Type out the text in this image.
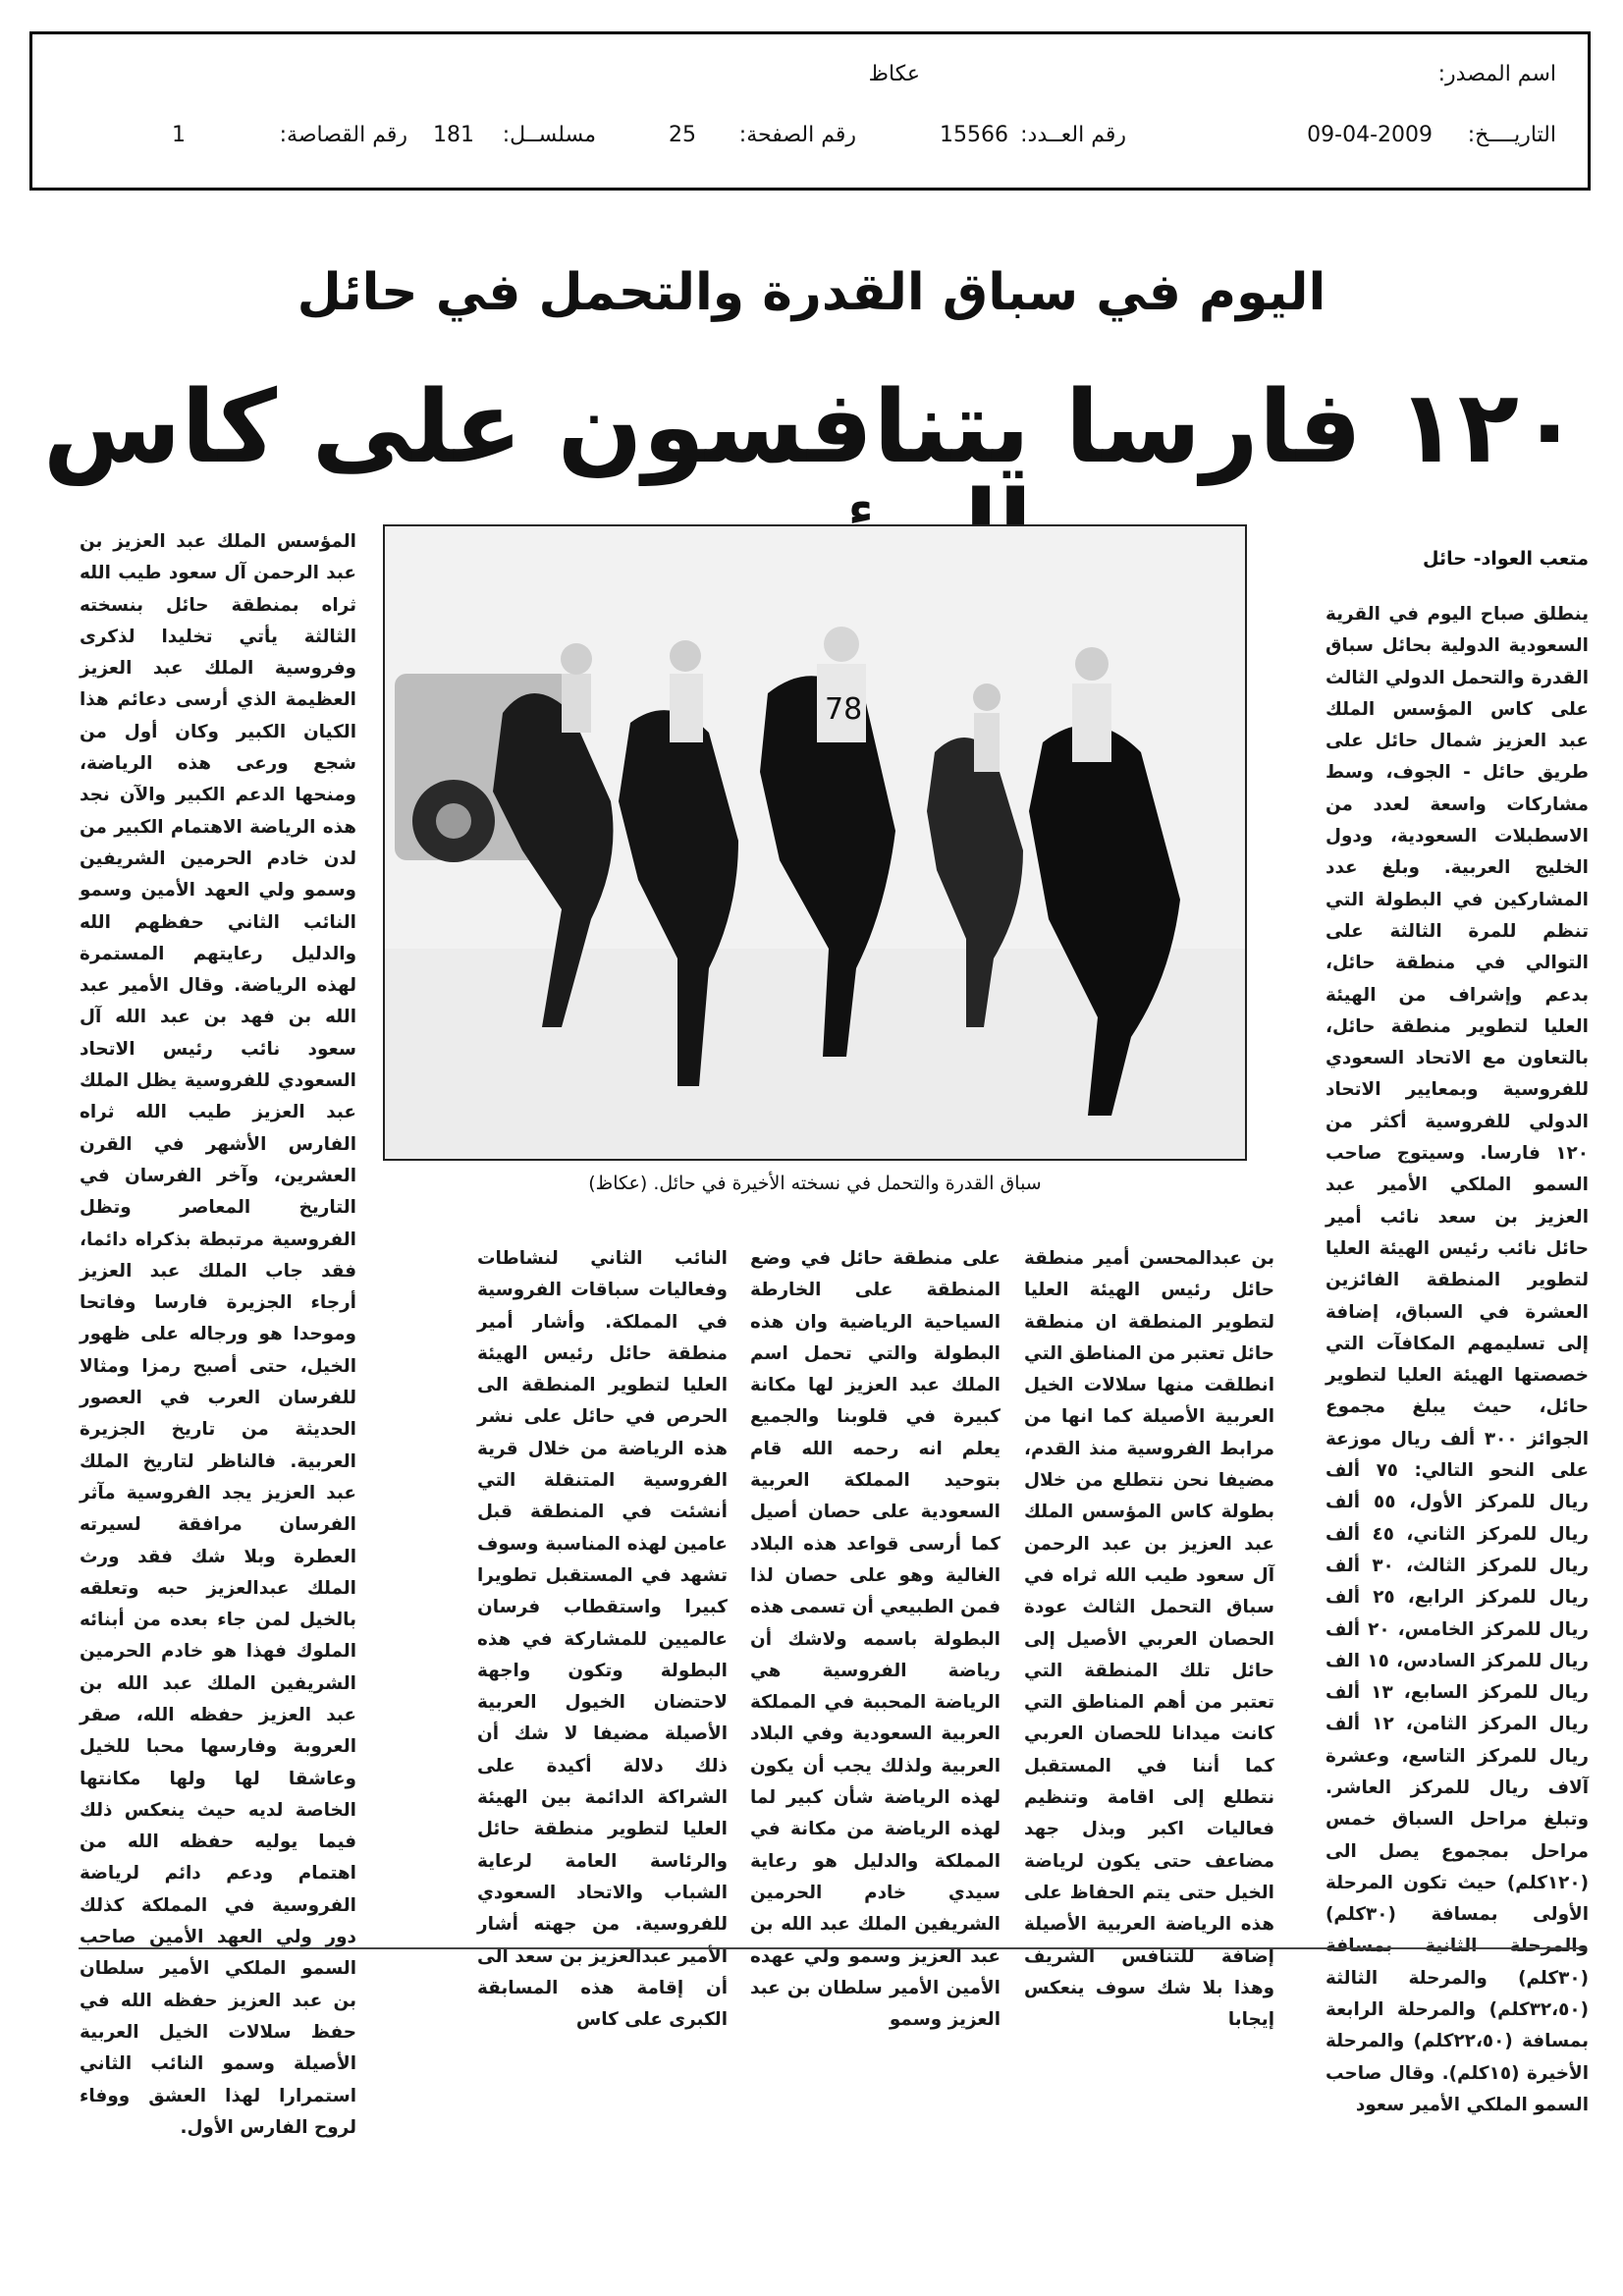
اسم المصدر:
عكاظ
التاريــــخ:
09-04-2009
رقم العــدد:
15566
رقم الصفحة:
25
مسلســل:
181
رقم القصاصة:
1
اليوم في سباق القدرة والتحمل في حائل
١٢٠ فارسا يتنافسون على كاس
متعب العواد- حائل
78
سباق القدرة والتحمل في نسخته الأخيرة في حائل. (عكاظ)

ينطلق صباح اليوم في القرية السعودية الدولية بحائل سباق القدرة والتحمل الدولي الثالث على كاس المؤسس الملك عبد العزيز شمال حائل على طريق حائل - الجوف، وسط مشاركات واسعة لعدد من الاسطبلات السعودية، ودول الخليج العربية. وبلغ عدد المشاركين في البطولة التي تنظم للمرة الثالثة على التوالي في منطقة حائل، بدعم وإشراف من الهيئة العليا لتطوير منطقة حائل، بالتعاون مع الاتحاد السعودي للفروسية وبمعايير الاتحاد الدولي للفروسية أكثر من ١٢٠ فارسا. وسيتوج صاحب السمو الملكي الأمير عبد العزيز بن سعد نائب أمير حائل نائب رئيس الهيئة العليا لتطوير المنطقة الفائزين العشرة في السباق، إضافة إلى تسليمهم المكافآت التي خصصتها الهيئة العليا لتطوير حائل، حيث يبلغ مجموع الجوائز ٣٠٠ ألف ريال موزعة على النحو التالي: ٧٥ ألف ريال للمركز الأول، ٥٥ ألف ريال للمركز الثاني، ٤٥ ألف ريال للمركز الثالث، ٣٠ ألف ريال للمركز الرابع، ٢٥ ألف ريال للمركز الخامس، ٢٠ ألف ريال للمركز السادس، ١٥ الف ريال للمركز السابع، ١٣ ألف ريال المركز الثامن، ١٢ ألف ريال للمركز التاسع، وعشرة آلاف ريال للمركز العاشر. وتبلغ مراحل السباق خمس مراحل بمجموع يصل الى (١٢٠كلم) حيث تكون المرحلة الأولى بمسافة (٣٠كلم) والمرحلة الثانية بمسافة (٣٠كلم) والمرحلة الثالثة (٣٢،٥٠كلم) والمرحلة الرابعة بمسافة (٢٢،٥٠كلم) والمرحلة الأخيرة (١٥كلم). وقال صاحب السمو الملكي الأمير سعود

بن عبدالمحسن أمير منطقة حائل رئيس الهيئة العليا لتطوير المنطقة ان منطقة حائل تعتبر من المناطق التي انطلقت منها سلالات الخيل العربية الأصيلة كما انها من مرابط الفروسية منذ القدم، مضيفا نحن نتطلع من خلال بطولة كاس المؤسس الملك عبد العزيز بن عبد الرحمن آل سعود طيب الله ثراه في سباق التحمل الثالث عودة الحصان العربي الأصيل إلى حائل تلك المنطقة التي تعتبر من أهم المناطق التي كانت ميدانا للحصان العربي كما أننا في المستقبل نتطلع إلى اقامة وتنظيم فعاليات اكبر وبذل جهد مضاعف حتى يكون لرياضة الخيل حتى يتم الحفاظ على هذه الرياضة العربية الأصيلة إضافة للتنافس الشريف وهذا بلا شك سوف ينعكس إيجابا

على منطقة حائل في وضع المنطقة على الخارطة السياحية الرياضية وان هذه البطولة والتي تحمل اسم الملك عبد العزيز لها مكانة كبيرة في قلوبنا والجميع يعلم انه رحمه الله قام بتوحيد المملكة العربية السعودية على حصان أصيل كما أرسى قواعد هذه البلاد الغالية وهو على حصان لذا فمن الطبيعي أن تسمى هذه البطولة باسمه ولاشك أن رياضة الفروسية هي الرياضة المحببة في المملكة العربية السعودية وفي البلاد العربية ولذلك يجب أن يكون لهذه الرياضة شأن كبير لما لهذه الرياضة من مكانة في المملكة والدليل هو رعاية سيدي خادم الحرمين الشريفين الملك عبد الله بن عبد العزيز وسمو ولي عهده الأمين الأمير سلطان بن عبد العزيز وسمو

النائب الثاني لنشاطات وفعاليات سباقات الفروسية في المملكة. وأشار أمير منطقة حائل رئيس الهيئة العليا لتطوير المنطقة الى الحرص في حائل على نشر هذه الرياضة من خلال قرية الفروسية المتنقلة التي أنشئت في المنطقة قبل عامين لهذه المناسبة وسوف تشهد في المستقبل تطويرا كبيرا واستقطاب فرسان عالميين للمشاركة في هذه البطولة وتكون واجهة لاحتضان الخيول العربية الأصيلة مضيفا لا شك أن ذلك دلالة أكيدة على الشراكة الدائمة بين الهيئة العليا لتطوير منطقة حائل والرئاسة العامة لرعاية الشباب والاتحاد السعودي للفروسية. من جهته أشار الأمير عبدالعزيز بن سعد الى أن إقامة هذه المسابقة الكبرى على كاس

المؤسس الملك عبد العزيز بن عبد الرحمن آل سعود طيب الله ثراه بمنطقة حائل بنسخته الثالثة يأتي تخليدا لذكرى وفروسية الملك عبد العزيز العظيمة الذي أرسى دعائم هذا الكيان الكبير وكان أول من شجع ورعى هذه الرياضة، ومنحها الدعم الكبير والآن نجد هذه الرياضة الاهتمام الكبير من لدن خادم الحرمين الشريفين وسمو ولي العهد الأمين وسمو النائب الثاني حفظهم الله والدليل رعايتهم المستمرة لهذه الرياضة. وقال الأمير عبد الله بن فهد بن عبد الله آل سعود نائب رئيس الاتحاد السعودي للفروسية يظل الملك عبد العزيز طيب الله ثراه الفارس الأشهر في القرن العشرين، وآخر الفرسان في التاريخ المعاصر وتظل الفروسية مرتبطة بذكراه دائما، فقد جاب الملك عبد العزيز أرجاء الجزيرة فارسا وفاتحا وموحدا هو ورجاله على ظهور الخيل، حتى أصبح رمزا ومثالا للفرسان العرب في العصور الحديثة من تاريخ الجزيرة العربية. فالناظر لتاريخ الملك عبد العزيز يجد الفروسية مآثر الفرسان مرافقة لسيرته العطرة وبلا شك فقد ورث الملك عبدالعزيز حبه وتعلقه بالخيل لمن جاء بعده من أبنائه الملوك فهذا هو خادم الحرمين الشريفين الملك عبد الله بن عبد العزيز حفظه الله، صقر العروبة وفارسها محبا للخيل وعاشقا لها ولها مكانتها الخاصة لديه حيث ينعكس ذلك فيما يوليه حفظه الله من اهتمام ودعم دائم لرياضة الفروسية في المملكة كذلك دور ولي العهد الأمين صاحب السمو الملكي الأمير سلطان بن عبد العزيز حفظه الله في حفظ سلالات الخيل العربية الأصيلة وسمو النائب الثاني استمرارا لهذا العشق ووفاء لروح الفارس الأول.
